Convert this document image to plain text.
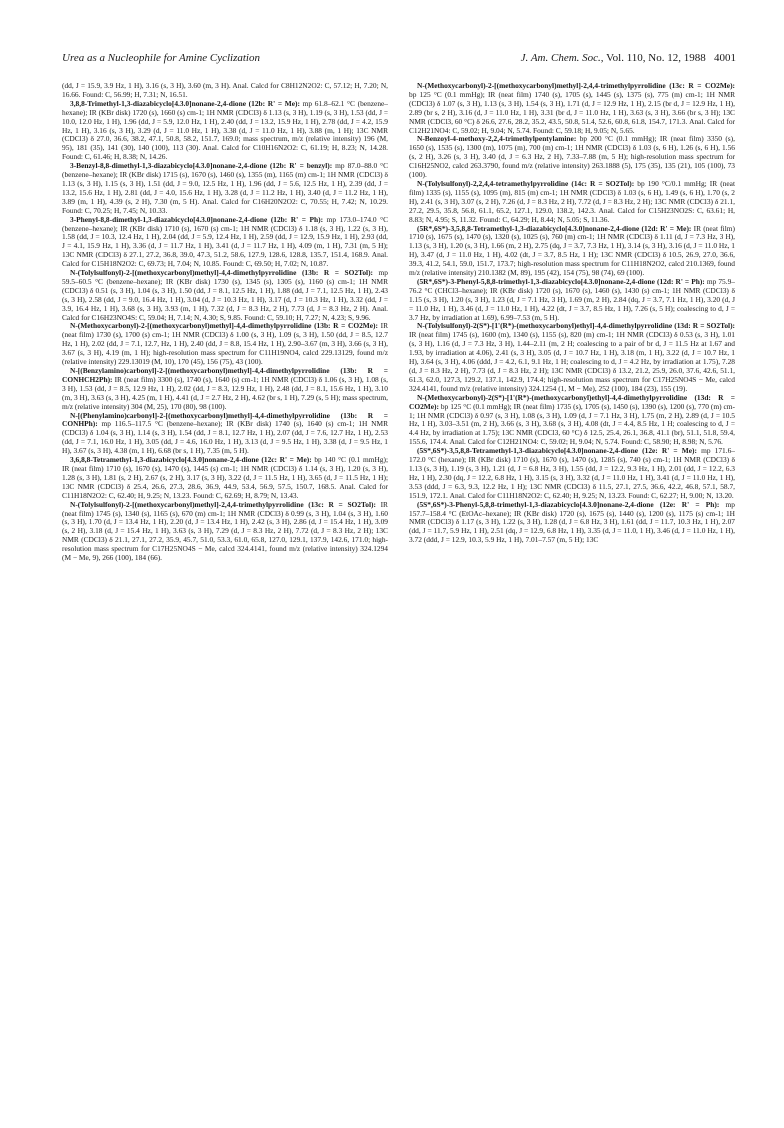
Urea as a Nucleophile for Amine Cyclization	J. Am. Chem. Soc., Vol. 110, No. 12, 1988 4001

(dd, J = 15.9, 3.9 Hz, 1 H), 3.16 (s, 3 H), 3.60 (m, 3 H). Anal. Calcd for C8H12N2O2: C, 57.12; H, 7.20; N, 16.66. Found: C, 56.99; H, 7.31; N, 16.51.

3,8,8-Trimethyl-1,3-diazabicyclo[4.3.0]nonane-2,4-dione (12b: R' = Me): mp 61.8–62.1 °C (benzene–hexane); IR (KBr disk) 1720 (s), 1660 (s) cm-1; 1H NMR (CDCl3) δ 1.13 (s, 3 H), 1.19 (s, 3 H), 1.53 (dd, J = 10.0, 12.0 Hz, 1 H), 1.96 (dd, J = 5.9, 12.0 Hz, 1 H), 2.40 (dd, J = 13.2, 15.9 Hz, 1 H), 2.78 (dd, J = 4.2, 15.9 Hz, 1 H), 3.16 (s, 3 H), 3.29 (d, J = 11.0 Hz, 1 H), 3.38 (d, J = 11.0 Hz, 1 H), 3.88 (m, 1 H); 13C NMR (CDCl3) δ 27.0, 36.6, 38.2, 47.1, 50.8, 58.2, 151.7, 169.0; mass spectrum, m/z (relative intensity) 196 (M, 95), 181 (35), 141 (30), 140 (100), 113 (30). Anal. Calcd for C10H16N2O2: C, 61.19; H, 8.23; N, 14.28. Found: C, 61.46; H, 8.38; N, 14.26.

3-Benzyl-8,8-dimethyl-1,3-diazabicyclo[4.3.0]nonane-2,4-dione (12b: R' = benzyl): mp 87.0–88.0 °C (benzene–hexane); IR (KBr disk) 1715 (s), 1670 (s), 1460 (s), 1355 (m), 1165 (m) cm-1; 1H NMR (CDCl3) δ 1.13 (s, 3 H), 1.15 (s, 3 H), 1.51 (dd, J = 9.0, 12.5 Hz, 1 H), 1.96 (dd, J = 5.6, 12.5 Hz, 1 H), 2.39 (dd, J = 13.2, 15.6 Hz, 1 H), 2.81 (dd, J = 4.0, 15.6 Hz, 1 H), 3.28 (d, J = 11.2 Hz, 1 H), 3.40 (d, J = 11.2 Hz, 1 H), 3.89 (m, 1 H), 4.39 (s, 2 H), 7.30 (m, 5 H). Anal. Calcd for C16H20N2O2: C, 70.55; H, 7.42; N, 10.29. Found: C, 70.25; H, 7.45; N, 10.33.

3-Phenyl-8,8-dimethyl-1,3-diazabicyclo[4.3.0]nonane-2,4-dione (12b: R' = Ph): mp 173.0–174.0 °C (benzene–hexane); IR (KBr disk) 1710 (s), 1670 (s) cm-1; 1H NMR (CDCl3) δ 1.18 (s, 3 H), 1.22 (s, 3 H), 1.58 (dd, J = 10.3, 12.4 Hz, 1 H), 2.04 (dd, J = 5.9, 12.4 Hz, 1 H), 2.59 (dd, J = 12.9, 15.9 Hz, 1 H), 2.93 (dd, J = 4.1, 15.9 Hz, 1 H), 3.36 (d, J = 11.7 Hz, 1 H), 3.41 (d, J = 11.7 Hz, 1 H), 4.09 (m, 1 H), 7.31 (m, 5 H); 13C NMR (CDCl3) δ 27.1, 27.2, 36.8, 39.0, 47.3, 51.2, 58.6, 127.9, 128.6, 128.8, 135.7, 151.4, 168.9. Anal. Calcd for C15H18N2O2: C, 69.73; H, 7.04; N, 10.85. Found: C, 69.50; H, 7.02; N, 10.87.

N-(Tolylsulfonyl)-2-[(methoxycarbonyl)methyl]-4,4-dimethylpyrrolidine (13b: R = SO2Tol): mp 59.5–60.5 °C (benzene–hexane); IR (KBr disk) 1730 (s), 1345 (s), 1305 (s), 1160 (s) cm-1; 1H NMR (CDCl3) δ 0.51 (s, 3 H), 1.04 (s, 3 H), 1.50 (dd, J = 8.1, 12.5 Hz, 1 H), 1.88 (dd, J = 7.1, 12.5 Hz, 1 H), 2.43 (s, 3 H), 2.58 (dd, J = 9.0, 16.4 Hz, 1 H), 3.04 (d, J = 10.3 Hz, 1 H), 3.17 (d, J = 10.3 Hz, 1 H), 3.32 (dd, J = 3.9, 16.4 Hz, 1 H), 3.68 (s, 3 H), 3.93 (m, 1 H), 7.32 (d, J = 8.3 Hz, 2 H), 7.73 (d, J = 8.3 Hz, 2 H). Anal. Calcd for C16H23NO4S: C, 59.04; H, 7.14; N, 4.30; S, 9.85. Found: C, 59.10; H, 7.27; N, 4.23; S, 9.96.

N-(Methoxycarbonyl)-2-[(methoxycarbonyl)methyl]-4,4-dimethylpyrrolidine (13b: R = CO2Me): IR (neat film) 1730 (s), 1700 (s) cm-1; 1H NMR (CDCl3) δ 1.00 (s, 3 H), 1.09 (s, 3 H), 1.50 (dd, J = 8.5, 12.7 Hz, 1 H), 2.02 (dd, J = 7.1, 12.7, Hz, 1 H), 2.40 (dd, J = 8.8, 15.4 Hz, 1 H), 2.90–3.67 (m, 3 H), 3.66 (s, 3 H), 3.67 (s, 3 H), 4.19 (m, 1 H); high-resolution mass spectrum for C11H19NO4, calcd 229.13129, found m/z (relative intensity) 229.13019 (M, 10), 170 (45), 156 (75), 43 (100).

N-[(Benzylamino)carbonyl]-2-[(methoxycarbonyl)methyl]-4,4-dimethylpyrrolidine (13b: R = CONHCH2Ph): IR (neat film) 3300 (s), 1740 (s), 1640 (s) cm-1; 1H NMR (CDCl3) δ 1.06 (s, 3 H), 1.08 (s, 3 H), 1.53 (dd, J = 8.5, 12.9 Hz, 1 H), 2.02 (dd, J = 8.3, 12.9 Hz, 1 H), 2.48 (dd, J = 8.1, 15.6 Hz, 1 H), 3.10 (m, 3 H), 3.63 (s, 3 H), 4.25 (m, 1 H), 4.41 (d, J = 2.7 Hz, 2 H), 4.62 (br s, 1 H), 7.29 (s, 5 H); mass spectrum, m/z (relative intensity) 304 (M, 25), 170 (80), 98 (100).

N-[(Phenylamino)carbonyl]-2-[(methoxycarbonyl)methyl]-4,4-dimethylpyrrolidine (13b: R = CONHPh): mp 116.5–117.5 °C (benzene–hexane); IR (KBr disk) 1740 (s), 1640 (s) cm-1; 1H NMR (CDCl3) δ 1.04 (s, 3 H), 1.14 (s, 3 H), 1.54 (dd, J = 8.1, 12.7 Hz, 1 H), 2.07 (dd, J = 7.6, 12.7 Hz, 1 H), 2.53 (dd, J = 7.1, 16.0 Hz, 1 H), 3.05 (dd, J = 4.6, 16.0 Hz, 1 H), 3.13 (d, J = 9.5 Hz, 1 H), 3.38 (d, J = 9.5 Hz, 1 H), 3.67 (s, 3 H), 4.38 (m, 1 H), 6.68 (br s, 1 H), 7.35 (m, 5 H).

3,6,8,8-Tetramethyl-1,3-diazabicyclo[4.3.0]nonane-2,4-dione (12c: R' = Me): bp 140 °C (0.1 mmHg); IR (neat film) 1710 (s), 1670 (s), 1470 (s), 1445 (s) cm-1; 1H NMR (CDCl3) δ 1.14 (s, 3 H), 1.20 (s, 3 H), 1.28 (s, 3 H), 1.81 (s, 2 H), 2.67 (s, 2 H), 3.17 (s, 3 H), 3.22 (d, J = 11.5 Hz, 1 H), 3.65 (d, J = 11.5 Hz, 1 H); 13C NMR (CDCl3) δ 25.4, 26.6, 27.3, 28.6, 36.9, 44.9, 53.4, 56.9, 57.5, 150.7, 168.5. Anal. Calcd for C11H18N2O2: C, 62.40; H, 9.25; N, 13.23. Found: C, 62.69; H, 8.79; N, 13.43.

N-(Tolylsulfonyl)-2-[(methoxycarbonyl)methyl]-2,4,4-trimethylpyrrolidine (13c: R = SO2Tol): IR (neat film) 1745 (s), 1340 (s), 1165 (s), 670 (m) cm-1; 1H NMR (CDCl3) δ 0.99 (s, 3 H), 1.04 (s, 3 H), 1.60 (s, 3 H), 1.70 (d, J = 13.4 Hz, 1 H), 2.20 (d, J = 13.4 Hz, 1 H), 2.42 (s, 3 H), 2.86 (d, J = 15.4 Hz, 1 H), 3.09 (s, 2 H), 3.18 (d, J = 15.4 Hz, 1 H), 3.63 (s, 3 H), 7.29 (d, J = 8.3 Hz, 2 H), 7.72 (d, J = 8.3 Hz, 2 H); 13C NMR (CDCl3) δ 21.1, 27.1, 27.2, 35.9, 45.7, 51.0, 53.3, 61.0, 65.8, 127.0, 129.1, 137.9, 142.6, 171.0; high-resolution mass spectrum for C17H25NO4S − Me, calcd 324.4141, found m/z (relative intensity) 324.1294 (M − Me, 9), 266 (100), 184 (66).

N-(Methoxycarbonyl)-2-[(methoxycarbonyl)methyl]-2,4,4-trimethylpyrrolidine (13c: R = CO2Me): bp 125 °C (0.1 mmHg); IR (neat film) 1740 (s), 1705 (s), 1445 (s), 1375 (s), 775 (m) cm-1; 1H NMR (CDCl3) δ 1.07 (s, 3 H), 1.13 (s, 3 H), 1.54 (s, 3 H), 1.71 (d, J = 12.9 Hz, 1 H), 2.15 (br d, J = 12.9 Hz, 1 H), 2.89 (br s, 2 H), 3.16 (d, J = 11.0 Hz, 1 H), 3.31 (br d, J = 11.0 Hz, 1 H), 3.63 (s, 3 H), 3.66 (br s, 3 H); 13C NMR (CDCl3, 60 °C) δ 26.6, 27.6, 28.2, 35.2, 43.5, 50.8, 51.4, 52.6, 60.8, 61.8, 154.7, 171.3. Anal. Calcd for C12H21NO4: C, 59.02; H, 9.04; N, 5.74. Found: C, 59.18; H, 9.05; N, 5.65.

N-Benzoyl-4-methoxy-2,2,4-trimethylpentylamine: bp 200 °C (0.1 mmHg); IR (neat film) 3350 (s), 1650 (s), 1535 (s), 1300 (m), 1075 (m), 700 (m) cm-1; 1H NMR (CDCl3) δ 1.03 (s, 6 H), 1.26 (s, 6 H), 1.56 (s, 2 H), 3.26 (s, 3 H), 3.40 (d, J = 6.3 Hz, 2 H), 7.33–7.88 (m, 5 H); high-resolution mass spectrum for C16H25NO2, calcd 263.3790, found m/z (relative intensity) 263.1888 (5), 175 (35), 135 (21), 105 (100), 73 (100).

N-(Tolylsulfonyl)-2,2,4,4-tetramethylpyrrolidine (14c: R = SO2Tol): bp 190 °C/0.1 mmHg; IR (neat film) 1335 (s), 1155 (s), 1095 (m), 815 (m) cm-1; 1H NMR (CDCl3) δ 1.03 (s, 6 H), 1.49 (s, 6 H), 1.70 (s, 2 H), 2.41 (s, 3 H), 3.07 (s, 2 H), 7.26 (d, J = 8.3 Hz, 2 H), 7.72 (d, J = 8.3 Hz, 2 H); 13C NMR (CDCl3) δ 21.1, 27.2, 29.5, 35.8, 56.8, 61.1, 65.2, 127.1, 129.0, 138.2, 142.3. Anal. Calcd for C15H23NO2S: C, 63.61; H, 8.83; N, 4.95; S, 11.32. Found: C, 64.29; H, 8.44; N, 5.05; S, 11.36.

(5R*,6S*)-3,5,8,8-Tetramethyl-1,3-diazabicyclo[4.3.0]nonane-2,4-dione (12d: R' = Me): IR (neat film) 1710 (s), 1675 (s), 1470 (s), 1320 (s), 1025 (s), 760 (m) cm-1; 1H NMR (CDCl3) δ 1.11 (d, J = 7.3 Hz, 3 H), 1.13 (s, 3 H), 1.20 (s, 3 H), 1.66 (m, 2 H), 2.75 (dq, J = 3.7, 7.3 Hz, 1 H), 3.14 (s, 3 H), 3.16 (d, J = 11.0 Hz, 1 H), 3.47 (d, J = 11.0 Hz, 1 H), 4.02 (dt, J = 3.7, 8.5 Hz, 1 H); 13C NMR (CDCl3) δ 10.5, 26.9, 27.0, 36.6, 39.3, 41.2, 54.1, 59.0, 151.7, 173.7; high-resolution mass spectrum for C11H18N2O2, calcd 210.1369, found m/z (relative intensity) 210.1382 (M, 89), 195 (42), 154 (75), 98 (74), 69 (100).

(5R*,6S*)-3-Phenyl-5,8,8-trimethyl-1,3-diazabicyclo[4.3.0]nonane-2,4-dione (12d: R' = Ph): mp 75.9–76.2 °C (CHCl3–hexane); IR (KBr disk) 1720 (s), 1670 (s), 1460 (s), 1430 (s) cm-1; 1H NMR (CDCl3) δ 1.15 (s, 3 H), 1.20 (s, 3 H), 1.23 (d, J = 7.1 Hz, 3 H), 1.69 (m, 2 H), 2.84 (dq, J = 3.7, 7.1 Hz, 1 H), 3.20 (d, J = 11.0 Hz, 1 H), 3.46 (d, J = 11.0 Hz, 1 H), 4.22 (dt, J = 3.7, 8.5 Hz, 1 H), 7.26 (s, 5 H); coalescing to d, J = 3.7 Hz, by irradiation at 1.69), 6.99–7.53 (m, 5 H).

N-(Tolylsulfonyl)-2(S*)-[1'(R*)-(methoxycarbonyl)ethyl]-4,4-dimethylpyrrolidine (13d: R = SO2Tol): IR (neat film) 1745 (s), 1600 (m), 1340 (s), 1155 (s), 820 (m) cm-1; 1H NMR (CDCl3) δ 0.53 (s, 3 H), 1.01 (s, 3 H), 1.16 (d, J = 7.3 Hz, 3 H), 1.44–2.11 (m, 2 H; coalescing to a pair of br d, J = 11.5 Hz at 1.67 and 1.93, by irradiation at 4.06), 2.41 (s, 3 H), 3.05 (d, J = 10.7 Hz, 1 H), 3.18 (m, 1 H), 3.22 (d, J = 10.7 Hz, 1 H), 3.64 (s, 3 H), 4.06 (ddd, J = 4.2, 6.1, 9.1 Hz, 1 H; coalescing to d, J = 4.2 Hz, by irradiation at 1.75), 7.28 (d, J = 8.3 Hz, 2 H), 7.73 (d, J = 8.3 Hz, 2 H); 13C NMR (CDCl3) δ 13.2, 21.2, 25.9, 26.0, 37.6, 42.6, 51.1, 61.3, 62.0, 127.3, 129.2, 137.1, 142.9, 174.4; high-resolution mass spectrum for C17H25NO4S − Me, calcd 324.4141, found m/z (relative intensity) 324.1254 (1, M − Me), 252 (100), 184 (23), 155 (19).

N-(Methoxycarbonyl)-2(S*)-[1'(R*)-(methoxycarbonyl)ethyl]-4,4-dimethylpyrrolidine (13d: R = CO2Me): bp 125 °C (0.1 mmHg); IR (neat film) 1735 (s), 1705 (s), 1450 (s), 1390 (s), 1200 (s), 770 (m) cm-1; 1H NMR (CDCl3) δ 0.97 (s, 3 H), 1.08 (s, 3 H), 1.09 (d, J = 7.1 Hz, 3 H), 1.75 (m, 2 H), 2.89 (d, J = 10.5 Hz, 1 H), 3.03–3.51 (m, 2 H), 3.66 (s, 3 H), 3.68 (s, 3 H), 4.08 (dt, J = 4.4, 8.5 Hz, 1 H; coalescing to d, J = 4.4 Hz, by irradiation at 1.75); 13C NMR (CDCl3, 60 °C) δ 12.5, 25.4, 26.1, 36.8, 41.1 (br), 51.1, 51.8, 59.4, 155.6, 174.4. Anal. Calcd for C12H21NO4: C, 59.02; H, 9.04; N, 5.74. Found: C, 58.90; H, 8.98; N, 5.76.

(5S*,6S*)-3,5,8,8-Tetramethyl-1,3-diazabicyclo[4.3.0]nonane-2,4-dione (12e: R' = Me): mp 171.6–172.0 °C (hexane); IR (KBr disk) 1710 (s), 1670 (s), 1470 (s), 1285 (s), 740 (s) cm-1; 1H NMR (CDCl3) δ 1.13 (s, 3 H), 1.19 (s, 3 H), 1.21 (d, J = 6.8 Hz, 3 H), 1.55 (dd, J = 12.2, 9.3 Hz, 1 H), 2.01 (dd, J = 12.2, 6.3 Hz, 1 H), 2.30 (dq, J = 12.2, 6.8 Hz, 1 H), 3.15 (s, 3 H), 3.32 (d, J = 11.0 Hz, 1 H), 3.41 (d, J = 11.0 Hz, 1 H), 3.53 (ddd, J = 6.3, 9.3, 12.2 Hz, 1 H); 13C NMR (CDCl3) δ 11.5, 27.1, 27.5, 36.6, 42.2, 46.8, 57.1, 58.7, 151.9, 172.1. Anal. Calcd for C11H18N2O2: C, 62.40; H, 9.25; N, 13.23. Found: C, 62.27; H, 9.00; N, 13.20.

(5S*,6S*)-3-Phenyl-5,8,8-trimethyl-1,3-diazabicyclo[4.3.0]nonane-2,4-dione (12e: R' = Ph): mp 157.7–158.4 °C (EtOAc–hexane); IR (KBr disk) 1720 (s), 1675 (s), 1440 (s), 1200 (s), 1175 (s) cm-1; 1H NMR (CDCl3) δ 1.17 (s, 3 H), 1.22 (s, 3 H), 1.28 (d, J = 6.8 Hz, 3 H), 1.61 (dd, J = 11.7, 10.3 Hz, 1 H), 2.07 (dd, J = 11.7, 5.9 Hz, 1 H), 2.51 (dq, J = 12.9, 6.8 Hz, 1 H), 3.35 (d, J = 11.0, 1 H), 3.46 (d, J = 11.0 Hz, 1 H), 3.72 (ddd, J = 12.9, 10.3, 5.9 Hz, 1 H), 7.01–7.57 (m, 5 H); 13C
